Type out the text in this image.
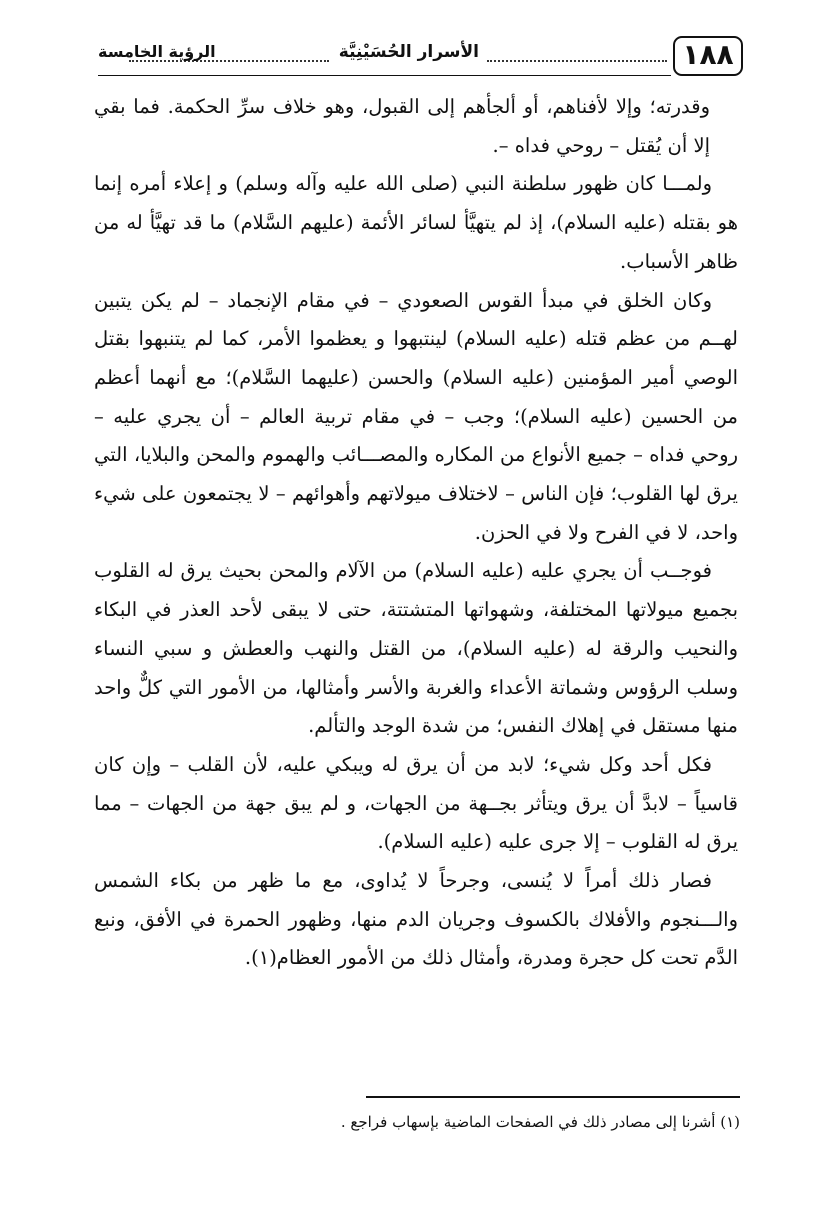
١٨٨
الأسرار الحُسَيْنِيَّة
الرؤية الخامسة

وقدرته؛ وإلا لأفناهم، أو ألجأهم إلى القبول، وهو خلاف سرِّ الحكمة. فما بقي إلا أن يُقتل – روحي فداه –.

ولمـــا كان ظهور سلطنة النبي (صلى الله عليه وآله وسلم) و إعلاء أمره إنما هو بقتله (عليه السلام)، إذ لم يتهيَّأ لسائر الأئمة (عليهم السَّلام) ما قد تهيَّأ له من ظاهر الأسباب.

وكان الخلق في مبدأ القوس الصعودي – في مقام الإنجماد – لم يكن يتبين لهــم من عظم قتله (عليه السلام) لينتبهوا و يعظموا الأمر، كما لم يتنبهوا بقتل الوصي أمير المؤمنين (عليه السلام) والحسن (عليهما السَّلام)؛ مع أنهما أعظم من الحسين (عليه السلام)؛ وجب – في مقام تربية العالم – أن يجري عليه –روحي فداه – جميع الأنواع من المكاره والمصـــائب والهموم والمحن والبلايا، التي يرق لها القلوب؛ فإن الناس – لاختلاف ميولاتهم وأهوائهم – لا يجتمعون على شيء واحد، لا في الفرح ولا في الحزن.

فوجــب أن يجري عليه (عليه السلام) من الآلام والمحن بحيث يرق له القلوب بجميع ميولاتها المختلفة، وشهواتها المتشتتة، حتى لا يبقى لأحد العذر في البكاء والنحيب والرقة له (عليه السلام)، من القتل والنهب والعطش و سبي النساء وسلب الرؤوس وشماتة الأعداء والغربة والأسر وأمثالها، من الأمور التي كلٌّ واحد منها مستقل في إهلاك النفس؛ من شدة الوجد والتألم.

فكل أحد وكل شيء؛ لابد من أن يرق له ويبكي عليه، لأن القلب – وإن كان قاسياً – لابدَّ أن يرق ويتأثر بجــهة من الجهات، و لم يبق جهة من الجهات – مما يرق له القلوب – إلا جرى عليه (عليه السلام).

فصار ذلك أمراً لا يُنسى، وجرحاً لا يُداوى، مع ما ظهر من بكاء الشمس والـــنجوم والأفلاك بالكسوف وجريان الدم منها، وظهور الحمرة في الأفق، ونبع الدَّم تحت كل حجرة ومدرة، وأمثال ذلك من الأمور العظام(١).

(١) أشرنا إلى مصادر ذلك في الصفحات الماضية بإسهاب فراجع .
